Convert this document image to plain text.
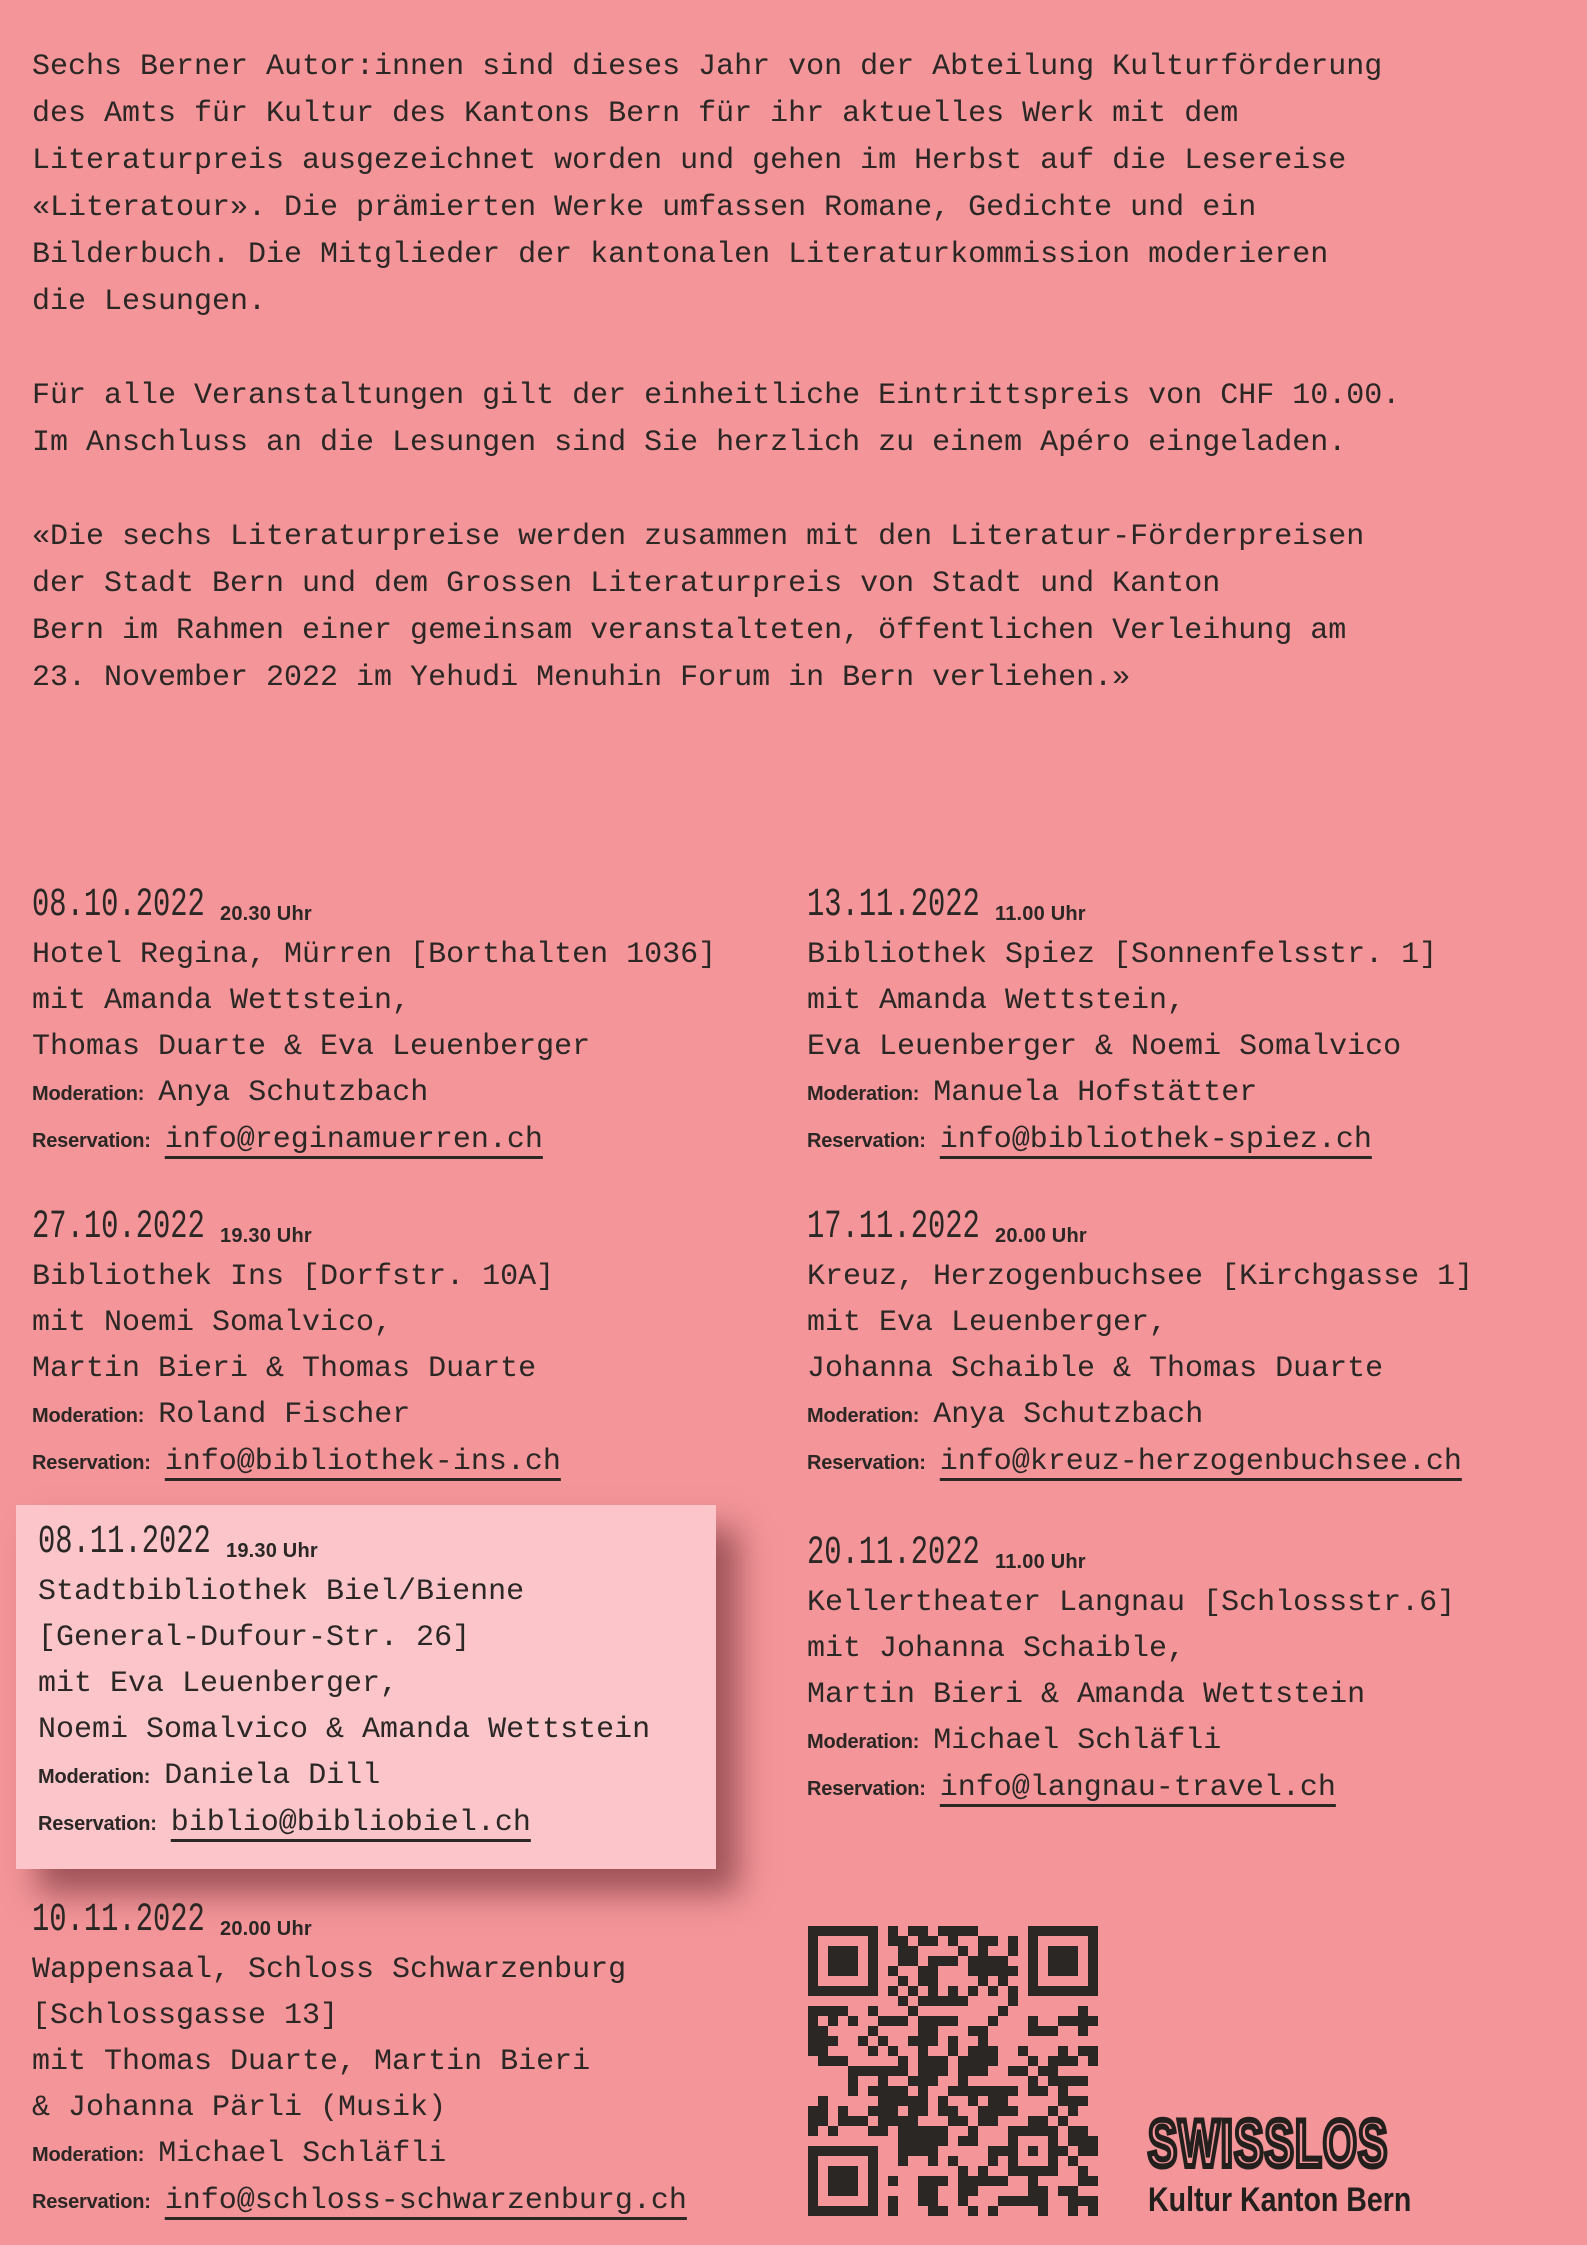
Sechs Berner Autor:innen sind dieses Jahr von der Abteilung Kulturförderung
des Amts für Kultur des Kantons Bern für ihr aktuelles Werk mit dem
Literaturpreis ausgezeichnet worden und gehen im Herbst auf die Lesereise
«Literatour». Die prämierten Werke umfassen Romane, Gedichte und ein
Bilderbuch. Die Mitglieder der kantonalen Literaturkommission moderieren
die Lesungen.
Für alle Veranstaltungen gilt der einheitliche Eintrittspreis von CHF 10.00.
Im Anschluss an die Lesungen sind Sie herzlich zu einem Apéro eingeladen.
«Die sechs Literaturpreise werden zusammen mit den Literatur-Förderpreisen
der Stadt Bern und dem Grossen Literaturpreis von Stadt und Kanton
Bern im Rahmen einer gemeinsam veranstalteten, öffentlichen Verleihung am
23. November 2022 im Yehudi Menuhin Forum in Bern verliehen.»
08.10.2022 20.30 Uhr
Hotel Regina, Mürren [Borthalten 1036]
mit Amanda Wettstein,
Thomas Duarte & Eva Leuenberger
Moderation: Anya Schutzbach
Reservation: info@reginamuerren.ch
13.11.2022 11.00 Uhr
Bibliothek Spiez [Sonnenfelsstr. 1]
mit Amanda Wettstein,
Eva Leuenberger & Noemi Somalvico
Moderation: Manuela Hofstätter
Reservation: info@bibliothek-spiez.ch
27.10.2022 19.30 Uhr
Bibliothek Ins [Dorfstr. 10A]
mit Noemi Somalvico,
Martin Bieri & Thomas Duarte
Moderation: Roland Fischer
Reservation: info@bibliothek-ins.ch
17.11.2022 20.00 Uhr
Kreuz, Herzogenbuchsee [Kirchgasse 1]
mit Eva Leuenberger,
Johanna Schaible & Thomas Duarte
Moderation: Anya Schutzbach
Reservation: info@kreuz-herzogenbuchsee.ch
08.11.2022 19.30 Uhr
Stadtbibliothek Biel/Bienne
[General-Dufour-Str. 26]
mit Eva Leuenberger,
Noemi Somalvico & Amanda Wettstein
Moderation: Daniela Dill
Reservation: biblio@bibliobiel.ch
20.11.2022 11.00 Uhr
Kellertheater Langnau [Schlossstr.6]
mit Johanna Schaible,
Martin Bieri & Amanda Wettstein
Moderation: Michael Schläfli
Reservation: info@langnau-travel.ch
10.11.2022 20.00 Uhr
Wappensaal, Schloss Schwarzenburg
[Schlossgasse 13]
mit Thomas Duarte, Martin Bieri
& Johanna Pärli (Musik)
Moderation: Michael Schläfli
Reservation: info@schloss-schwarzenburg.ch
SWISSLOS
Kultur Kanton Bern
